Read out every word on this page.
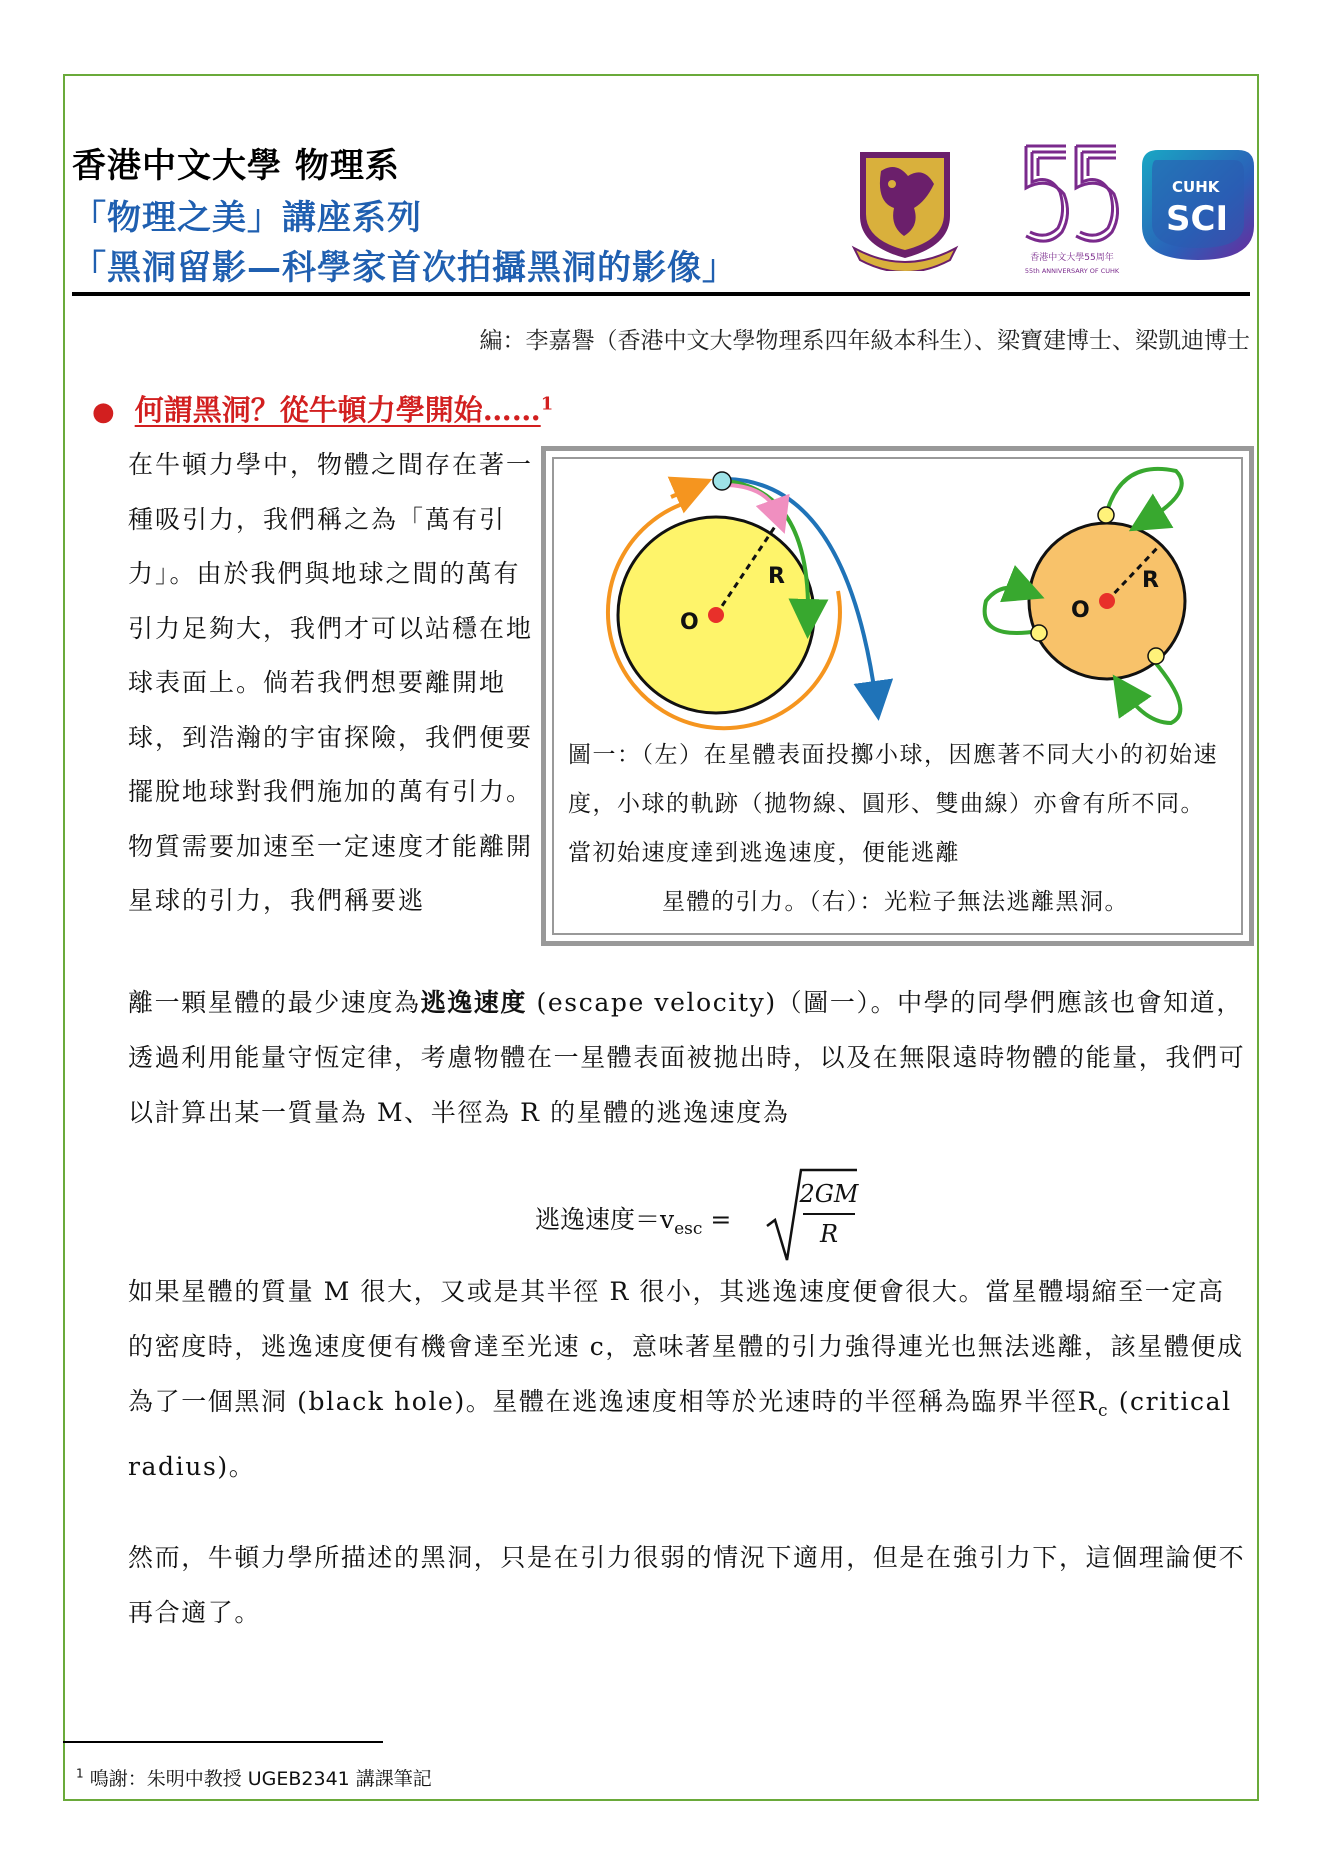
香港中文大學 物理系
「物理之美」講座系列
「黑洞留影—科學家首次拍攝黑洞的影像」	香港中文大學55周年
55th ANNIVERSARY OF CUHK
CUHK
SCI
編：李嘉譽（香港中文大學物理系四年級本科生）、梁寶建博士、梁凱迪博士
● 何謂黑洞？從牛頓力學開始……$^1$
在牛頓力學中，物體之間存在著一種吸引力，我們稱之為「萬有引力」。由於我們與地球之間的萬有引力足夠大，我們才可以站穩在地球表面上。倘若我們想要離開地球，到浩瀚的宇宙探險，我們便要擺脫地球對我們施加的萬有引力。物質需要加速至一定速度才能離開星球的引力，我們稱要逃
O
R
O
R
圖一：（左）在星體表面投擲小球，因應著不同大小的初始速度，小球的軌跡（拋物線、圓形、雙曲線）亦會有所不同。當初始速度達到逃逸速度，便能逃離

星體的引力。（右）：光粒子無法逃離黑洞。
離一顆星體的最少速度為逃逸速度 (escape velocity)（圖一）。中學的同學們應該也會知道，透過利用能量守恆定律，考慮物體在一星體表面被拋出時，以及在無限遠時物體的能量，我們可以計算出某一質量為 M、半徑為 R 的星體的逃逸速度為
逃逸速度$=v_{esc}$ =
2GM
R
如果星體的質量 M 很大，又或是其半徑 R 很小，其逃逸速度便會很大。當星體塌縮至一定高的密度時，逃逸速度便有機會達至光速 c，意味著星體的引力強得連光也無法逃離，該星體便成為了一個黑洞 (black hole)。星體在逃逸速度相等於光速時的半徑稱為臨界半徑$R_c$ (critical radius)。
然而，牛頓力學所描述的黑洞，只是在引力很弱的情況下適用，但是在強引力下，這個理論便不再合適了。
$^1$ 鳴謝：朱明中教授 UGEB2341 講課筆記
